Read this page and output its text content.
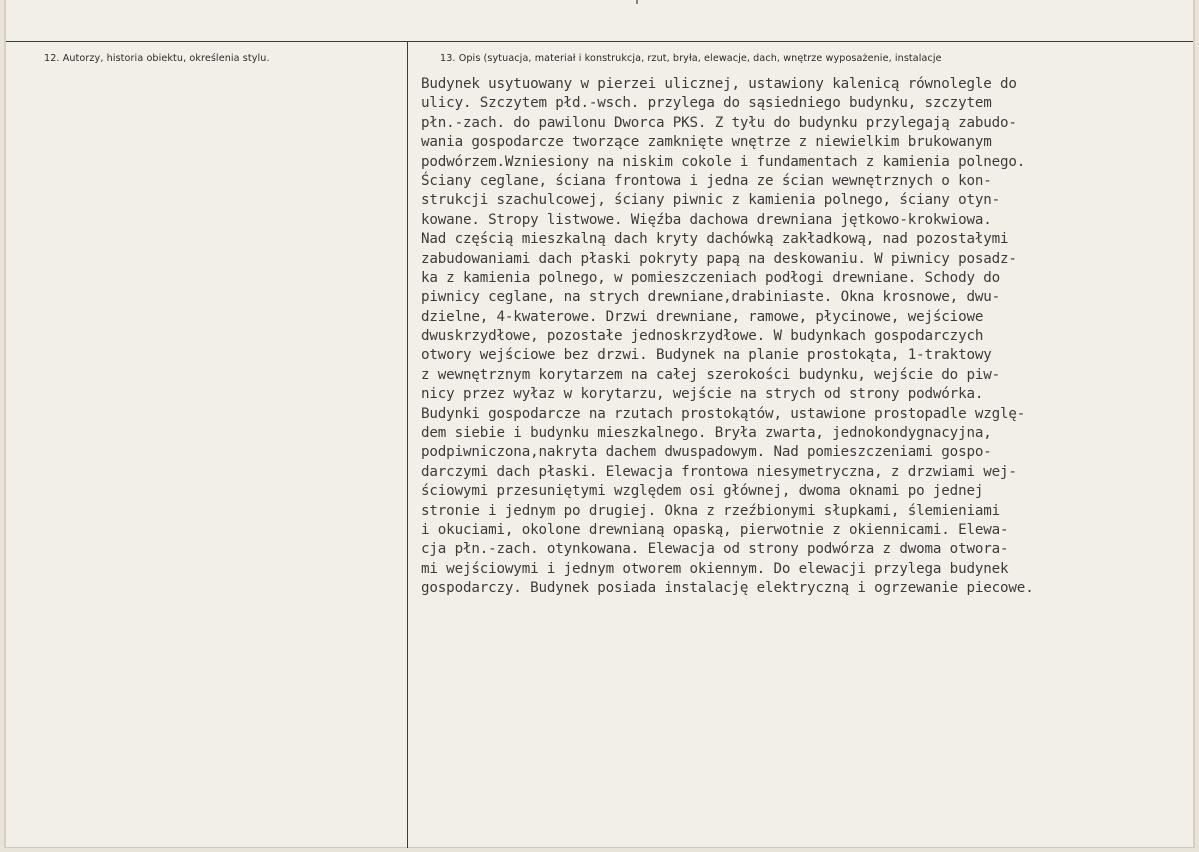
12. Autorzy, historia obiektu, określenia stylu.	13. Opis (sytuacja, materiał i konstrukcja, rzut, bryła, elewacje, dach, wnętrze wyposażenie, instalacje
Budynek usytuowany w pierzei ulicznej, ustawiony kalenicą równolegle do
ulicy. Szczytem płd.-wsch. przylega do sąsiedniego budynku, szczytem
płn.-zach. do pawilonu Dworca PKS. Z tyłu do budynku przylegają zabudo-
wania gospodarcze tworzące zamknięte wnętrze z niewielkim brukowanym
podwórzem.Wzniesiony na niskim cokole i fundamentach z kamienia polnego.
Ściany ceglane, ściana frontowa i jedna ze ścian wewnętrznych o kon-
strukcji szachulcowej, ściany piwnic z kamienia polnego, ściany otyn-
kowane. Stropy listwowe. Więźba dachowa drewniana jętkowo-krokwiowa.
Nad częścią mieszkalną dach kryty dachówką zakładkową, nad pozostałymi
zabudowaniami dach płaski pokryty papą na deskowaniu. W piwnicy posadz-
ka z kamienia polnego, w pomieszczeniach podłogi drewniane. Schody do
piwnicy ceglane, na strych drewniane,drabiniaste. Okna krosnowe, dwu-
dzielne, 4-kwaterowe. Drzwi drewniane, ramowe, płycinowe, wejściowe
dwuskrzydłowe, pozostałe jednoskrzydłowe. W budynkach gospodarczych
otwory wejściowe bez drzwi. Budynek na planie prostokąta, 1-traktowy
z wewnętrznym korytarzem na całej szerokości budynku, wejście do piw-
nicy przez wyłaz w korytarzu, wejście na strych od strony podwórka.
Budynki gospodarcze na rzutach prostokątów, ustawione prostopadle wzglę-
dem siebie i budynku mieszkalnego. Bryła zwarta, jednokondygnacyjna,
podpiwniczona,nakryta dachem dwuspadowym. Nad pomieszczeniami gospo-
darczymi dach płaski. Elewacja frontowa niesymetryczna, z drzwiami wej-
ściowymi przesuniętymi względem osi głównej, dwoma oknami po jednej
stronie i jednym po drugiej. Okna z rzeźbionymi słupkami, ślemieniami
i okuciami, okolone drewnianą opaską, pierwotnie z okiennicami. Elewa-
cja płn.-zach. otynkowana. Elewacja od strony podwórza z dwoma otwora-
mi wejściowymi i jednym otworem okiennym. Do elewacji przylega budynek
gospodarczy. Budynek posiada instalację elektryczną i ogrzewanie piecowe.
